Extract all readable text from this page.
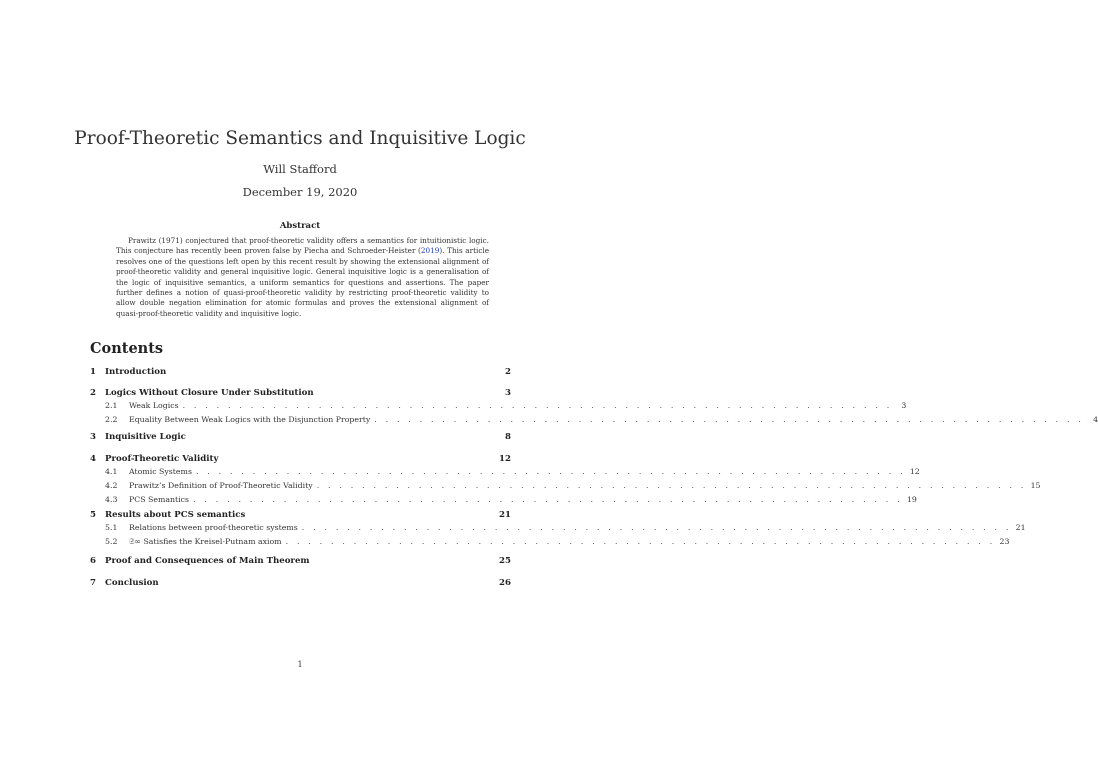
Proof-Theoretic Semantics and Inquisitive Logic
Will Stafford
December 19, 2020
Abstract
Prawitz (1971) conjectured that proof-theoretic validity offers a semantics for intuitionistic logic. This conjecture has recently been proven false by Piecha and Schroeder-Heister (2019). This article resolves one of the questions left open by this recent result by showing the extensional alignment of proof-theoretic validity and general inquisitive logic. General inquisitive logic is a generalisation of the logic of inquisitive semantics, a uniform semantics for questions and assertions. The paper further defines a notion of quasi-proof-theoretic validity by restricting proof-theoretic validity to allow double negation elimination for atomic formulas and proves the extensional alignment of quasi-proof-theoretic validity and inquisitive logic.
Contents
1 Introduction	2
2 Logics Without Closure Under Substitution	3
2.1	Weak Logics . . . . . . . . . . . . . . . . . . . . . . . . . . . . . . . . . . . . . . . . . . . . . . . . . . . . . . . . . . . . . . .	3
2.2	Equality Between Weak Logics with the Disjunction Property . . . . . . . . . . . . . . . . . . . . . . . . . . . . . . . . . . . . . . . . . . . . . . . . . . . . . . . . . . . . . . .	4
3 Inquisitive Logic	8
4 Proof-Theoretic Validity	12
4.1	Atomic Systems . . . . . . . . . . . . . . . . . . . . . . . . . . . . . . . . . . . . . . . . . . . . . . . . . . . . . . . . . . . . . . . 12
4.2	Prawitz’s Definition of Proof-Theoretic Validity . . . . . . . . . . . . . . . . . . . . . . . . . . . . . . . . . . . . . . . . . . . . . . . . . . . . . . . . . . . . . . . 15
4.3	PCS Semantics . . . . . . . . . . . . . . . . . . . . . . . . . . . . . . . . . . . . . . . . . . . . . . . . . . . . . . . . . . . . . . . 19
5 Results about PCS semantics	21
5.1	Relations between proof-theoretic systems . . . . . . . . . . . . . . . . . . . . . . . . . . . . . . . . . . . . . . . . . . . . . . . . . . . . . . . . . . . . . . . 21
5.2	𝔖∞ Satisfies the Kreisel-Putnam axiom . . . . . . . . . . . . . . . . . . . . . . . . . . . . . . . . . . . . . . . . . . . . . . . . . . . . . . . . . . . . . . . 23
6 Proof and Consequences of Main Theorem	25
7 Conclusion	26
1
